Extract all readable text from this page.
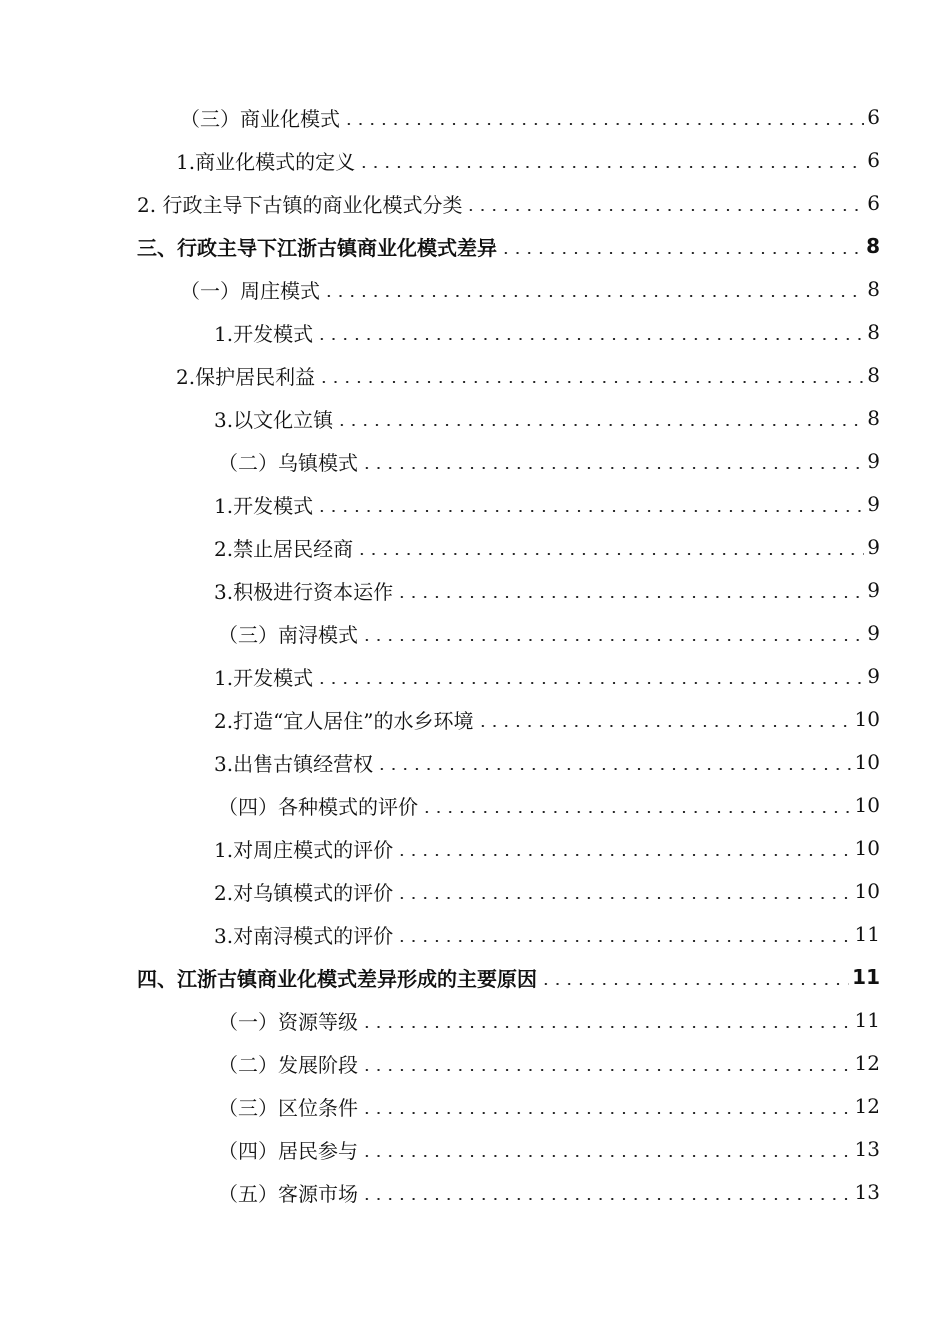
（三）商业化模式	6
1.商业化模式的定义	6
2. 行政主导下古镇的商业化模式分类	6
三、行政主导下江浙古镇商业化模式差异	8
（一）周庄模式	8
1.开发模式	8
2.保护居民利益	8
3.以文化立镇	8
（二）乌镇模式	9
1.开发模式	9
2.禁止居民经商	9
3.积极进行资本运作	9
（三）南浔模式	9
1.开发模式	9
2.打造“宜人居住”的水乡环境	10
3.出售古镇经营权	10
（四）各种模式的评价	10
1.对周庄模式的评价	10
2.对乌镇模式的评价	10
3.对南浔模式的评价	11
四、江浙古镇商业化模式差异形成的主要原因	11
（一）资源等级	11
（二）发展阶段	12
（三）区位条件	12
（四）居民参与	13
（五）客源市场	13
